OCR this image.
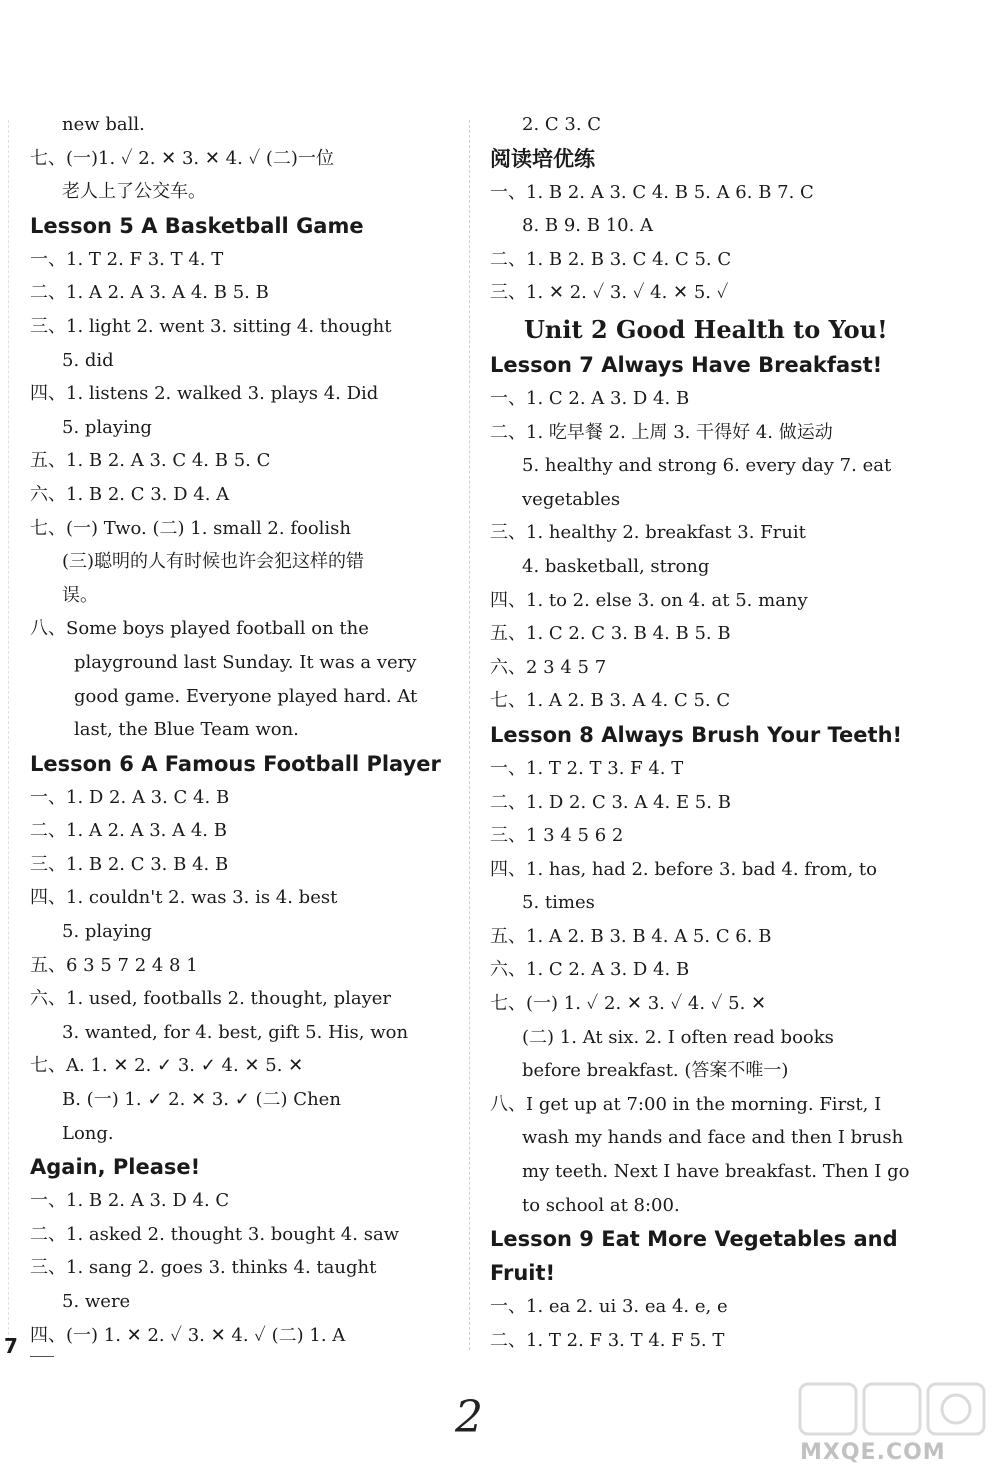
new ball.
七、(一)1. ✓ 2. ✕ 3. ✕ 4. ✓ (二)一位
老人上了公交车。
Lesson 5 A Basketball Game
一、1. T 2. F 3. T 4. T
二、1. A 2. A 3. A 4. B 5. B
三、1. light 2. went 3. sitting 4. thought
5. did
四、1. listens 2. walked 3. plays 4. Did
5. playing
五、1. B 2. A 3. C 4. B 5. C
六、1. B 2. C 3. D 4. A
七、(一) Two. (二) 1. small 2. foolish
(三)聪明的人有时候也许会犯这样的错
误。
八、Some boys played football on the
playground last Sunday. It was a very
good game. Everyone played hard. At
last, the Blue Team won.
Lesson 6 A Famous Football Player
一、1. D 2. A 3. C 4. B
二、1. A 2. A 3. A 4. B
三、1. B 2. C 3. B 4. B
四、1. couldn't 2. was 3. is 4. best
5. playing
五、6 3 5 7 2 4 8 1
六、1. used, footballs 2. thought, player
3. wanted, for 4. best, gift 5. His, won
七、A. 1. ✕ 2. ✓ 3. ✓ 4. ✕ 5. ✕
B. (一) 1. ✓ 2. ✕ 3. ✓ (二) Chen
Long.
Again, Please!
一、1. B 2. A 3. D 4. C
二、1. asked 2. thought 3. bought 4. saw
三、1. sang 2. goes 3. thinks 4. taught
5. were
四、(一) 1. ✕ 2. ✓ 3. ✕ 4. ✓ (二) 1. A
2. C 3. C
阅读培优练
一、1. B 2. A 3. C 4. B 5. A 6. B 7. C
8. B 9. B 10. A
二、1. B 2. B 3. C 4. C 5. C
三、1. ✕ 2. ✓ 3. ✓ 4. ✕ 5. ✓
Unit 2 Good Health to You!
Lesson 7 Always Have Breakfast!
一、1. C 2. A 3. D 4. B
二、1. 吃早餐 2. 上周 3. 干得好 4. 做运动
5. healthy and strong 6. every day 7. eat
vegetables
三、1. healthy 2. breakfast 3. Fruit
4. basketball, strong
四、1. to 2. else 3. on 4. at 5. many
五、1. C 2. C 3. B 4. B 5. B
六、2 3 4 5 7
七、1. A 2. B 3. A 4. C 5. C
Lesson 8 Always Brush Your Teeth!
一、1. T 2. T 3. F 4. T
二、1. D 2. C 3. A 4. E 5. B
三、1 3 4 5 6 2
四、1. has, had 2. before 3. bad 4. from, to
5. times
五、1. A 2. B 3. B 4. A 5. C 6. B
六、1. C 2. A 3. D 4. B
七、(一) 1. ✓ 2. ✕ 3. ✓ 4. ✓ 5. ✕
(二) 1. At six. 2. I often read books
before breakfast. (答案不唯一)
八、I get up at 7:00 in the morning. First, I
wash my hands and face and then I brush
my teeth. Next I have breakfast. Then I go
to school at 8:00.
Lesson 9 Eat More Vegetables and
Fruit!
一、1. ea 2. ui 3. ea 4. e, e
二、1. T 2. F 3. T 4. F 5. T
7
2
MXQE.COM
